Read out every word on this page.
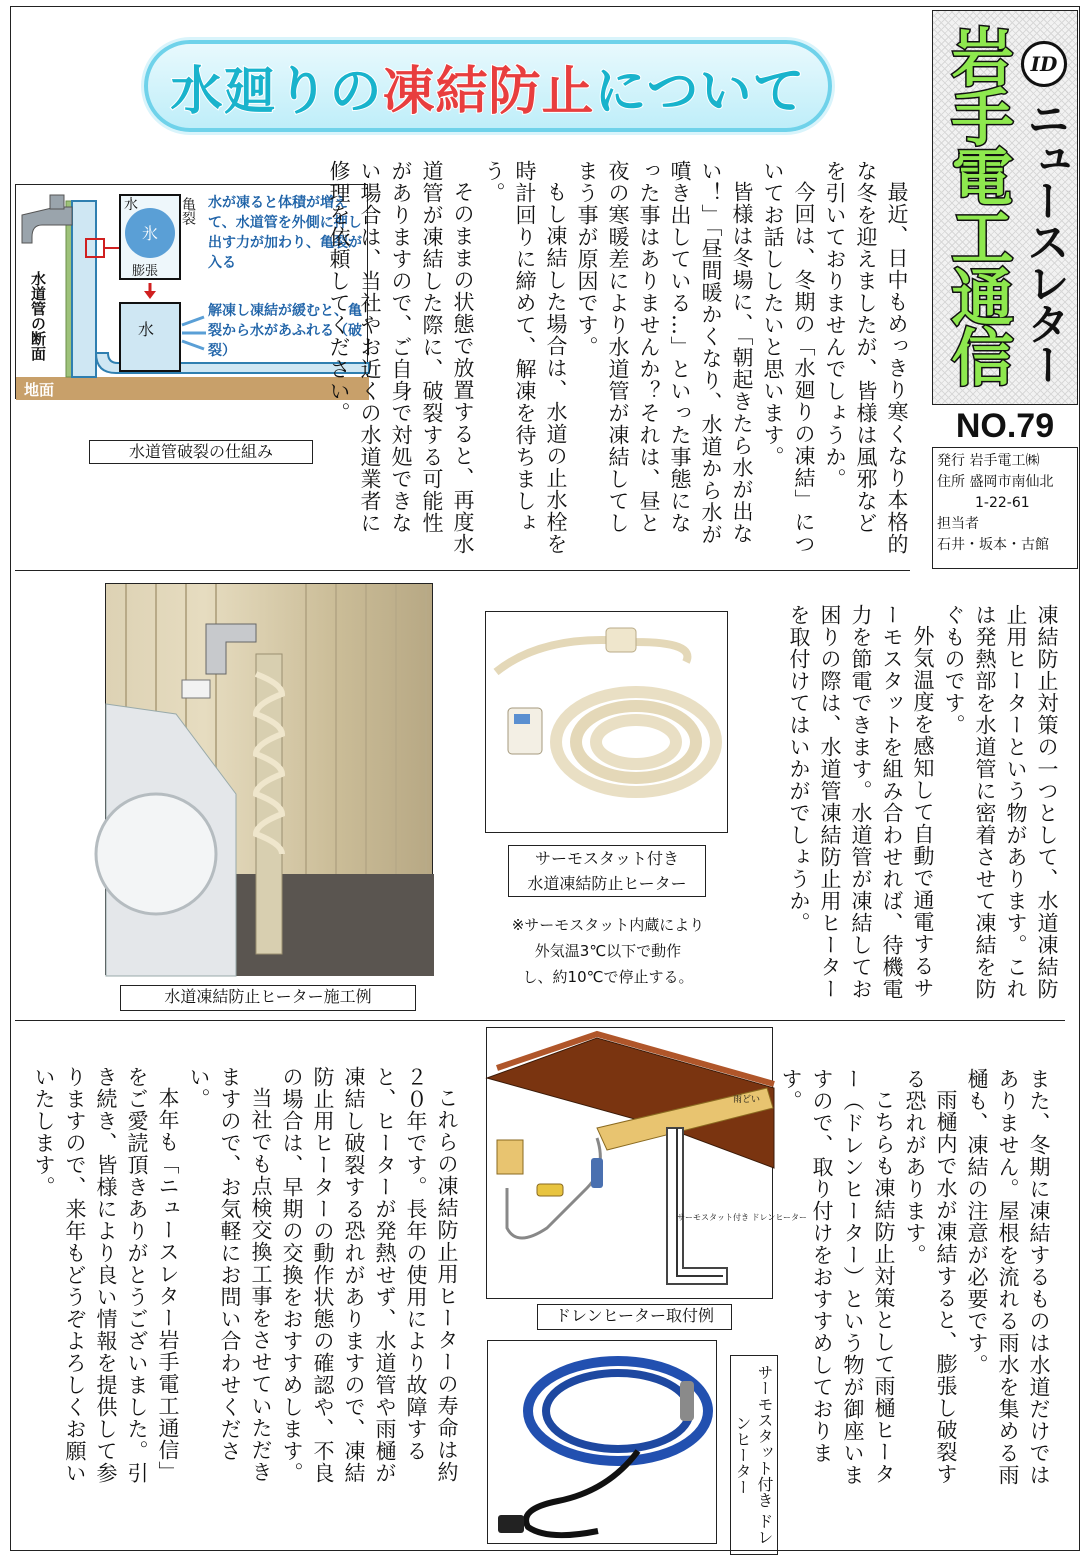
水廻りの 凍結防止 について 岩手電工通信 ID
ニュースレター
NO.79
発行 岩手電工㈱
住所 盛岡市南仙北
1-22-61
担当者
石井・坂本・古館
地面
水道管の断面
水
氷
膨張
亀裂
水
水が凍ると体積が増えて、水道管を外側に押し出す力が加わり、亀裂が入る
解凍し凍結が緩むと、亀裂から水があふれる（破裂）
水道管破裂の仕組み	最近、日中もめっきり寒くなり本格的な冬を迎えましたが、皆様は風邪などを引いておりませんでしょうか。

今回は、冬期の「水廻りの凍結」についてお話ししたいと思います。

皆様は冬場に、「朝起きたら水が出ない！」「昼間暖かくなり、水道から水が噴き出している…」といった事態になった事はありませんか？それは、昼と夜の寒暖差により水道管が凍結してしまう事が原因です。

もし凍結した場合は、水道の止水栓を時計回りに締めて、解凍を待ちましょう。

そのままの状態で放置すると、再度水道管が凍結した際に、破裂する可能性がありますので、ご自身で対処できない場合は、当社やお近くの水道業者に修理を依頼してください。

水道凍結防止ヒーター施工例
サーモスタット付き
水道凍結防止ヒーター
※サーモスタット内蔵により
外気温3℃以下で動作
し、約10℃で停止する。	凍結防止対策の一つとして、水道凍結防止用ヒーターという物があります。これは発熱部を水道管に密着させて凍結を防ぐものです。

外気温度を感知して自動で通電するサーモスタットを組み合わせれば、待機電力を節電できます。水道管が凍結してお困りの際は、水道管凍結防止用ヒーターを取付けてはいかがでしょうか。

雨どい
サーモスタット付き ドレンヒーター
ドレンヒーター取付例
サーモスタット付き ドレンヒーター	また、冬期に凍結するものは水道だけではありません。屋根を流れる雨水を集める雨樋も、凍結の注意が必要です。

雨樋内で水が凍結すると、膨張し破裂する恐れがあります。

こちらも凍結防止対策として雨樋ヒーター（ドレンヒーター）という物が御座いますので、取り付けをおすすめしております。

これらの凍結防止用ヒーターの寿命は約２０年です。長年の使用により故障すると、ヒーターが発熱せず、水道管や雨樋が凍結し破裂する恐れがありますので、凍結防止用ヒーターの動作状態の確認や、不良の場合は、早期の交換をおすすめします。

当社でも点検交換工事をさせていただきますので、お気軽にお問い合わせください。

本年も「ニュースレター岩手電工通信」をご愛読頂きありがとうございました。引き続き、皆様により良い情報を提供して参りますので、来年もどうぞよろしくお願いいたします。
